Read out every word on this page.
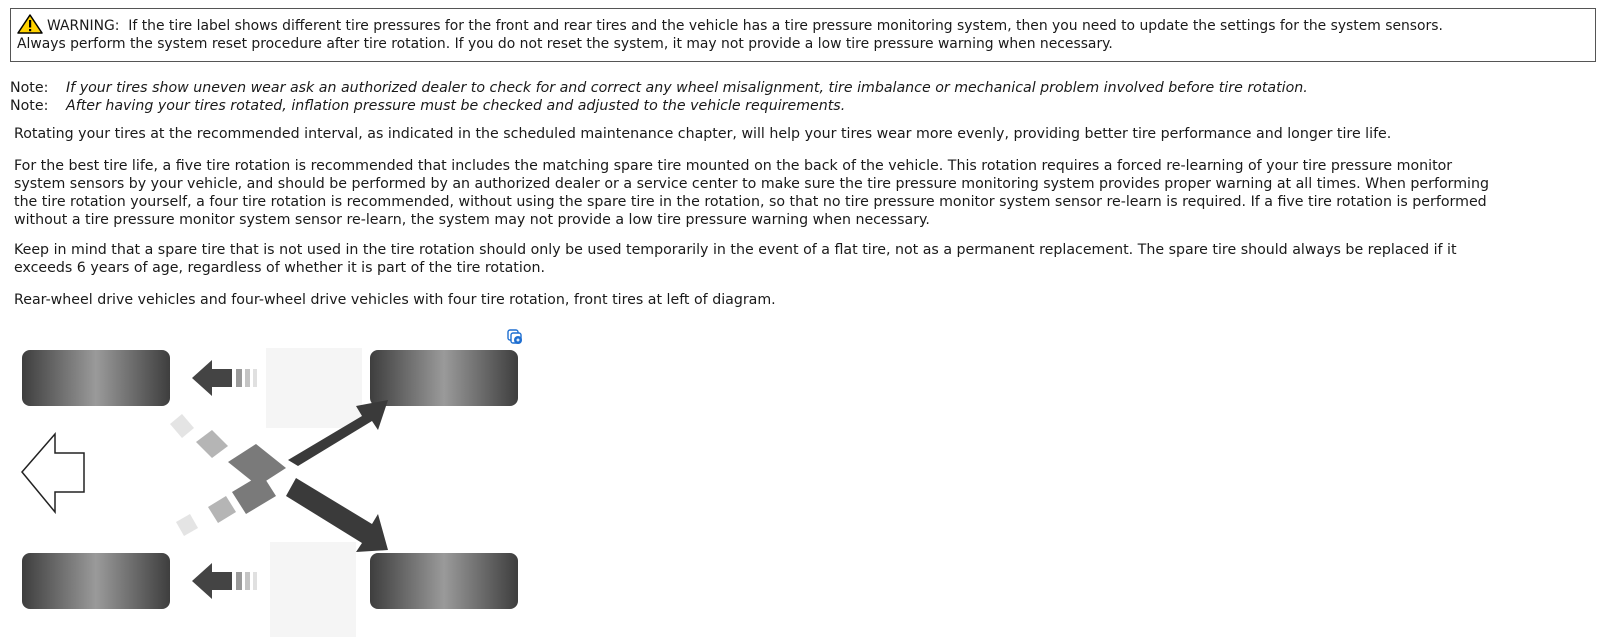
WARNING: If the tire label shows different tire pressures for the front and rear tires and the vehicle has a tire pressure monitoring system, then you need to update the settings for the system sensors.
Always perform the system reset procedure after tire rotation. If you do not reset the system, it may not provide a low tire pressure warning when necessary.
Note: If your tires show uneven wear ask an authorized dealer to check for and correct any wheel misalignment, tire imbalance or mechanical problem involved before tire rotation.
Note: After having your tires rotated, inflation pressure must be checked and adjusted to the vehicle requirements.
Rotating your tires at the recommended interval, as indicated in the scheduled maintenance chapter, will help your tires wear more evenly, providing better tire performance and longer tire life.
For the best tire life, a five tire rotation is recommended that includes the matching spare tire mounted on the back of the vehicle. This rotation requires a forced re-learning of your tire pressure monitor
system sensors by your vehicle, and should be performed by an authorized dealer or a service center to make sure the tire pressure monitoring system provides proper warning at all times. When performing
the tire rotation yourself, a four tire rotation is recommended, without using the spare tire in the rotation, so that no tire pressure monitor system sensor re-learn is required. If a five tire rotation is performed
without a tire pressure monitor system sensor re-learn, the system may not provide a low tire pressure warning when necessary.
Keep in mind that a spare tire that is not used in the tire rotation should only be used temporarily in the event of a flat tire, not as a permanent replacement. The spare tire should always be replaced if it
exceeds 6 years of age, regardless of whether it is part of the tire rotation.
Rear-wheel drive vehicles and four-wheel drive vehicles with four tire rotation, front tires at left of diagram.
